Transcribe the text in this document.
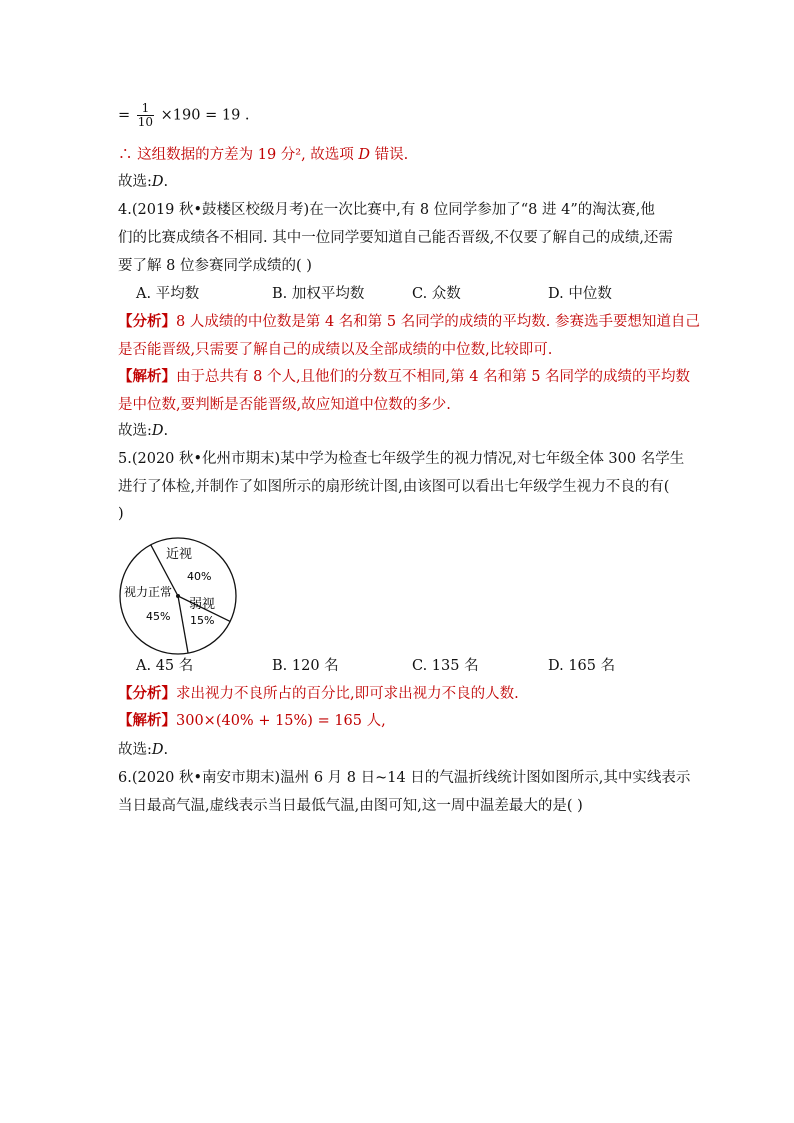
= $\frac{1}{10} \times 190 = 19$ .
∴ 这组数据的方差为 19 分², 故选项 D 错误.
故选:D.
4.(2019 秋•鼓楼区校级月考)在一次比赛中,有 8 位同学参加了“8 进 4”的淘汰赛,他
们的比赛成绩各不相同. 其中一位同学要知道自己能否晋级,不仅要了解自己的成绩,还需
要了解 8 位参赛同学成绩的( )
A. 平均数	B. 加权平均数	C. 众数	D. 中位数
【分析】8 人成绩的中位数是第 4 名和第 5 名同学的成绩的平均数. 参赛选手要想知道自己
是否能晋级,只需要了解自己的成绩以及全部成绩的中位数,比较即可.
【解析】由于总共有 8 个人,且他们的分数互不相同,第 4 名和第 5 名同学的成绩的平均数
是中位数,要判断是否能晋级,故应知道中位数的多少.
故选:D.
5.(2020 秋•化州市期末)某中学为检查七年级学生的视力情况,对七年级全体 300 名学生
进行了体检,并制作了如图所示的扇形统计图,由该图可以看出七年级学生视力不良的有(
)
近视
40%
弱视
15%
视力正常
45%
A. 45 名	B. 120 名	C. 135 名	D. 165 名
【分析】求出视力不良所占的百分比,即可求出视力不良的人数.
【解析】300×(40% + 15%) = 165 人,
故选:D.
6.(2020 秋•南安市期末)温州 6 月 8 日~14 日的气温折线统计图如图所示,其中实线表示
当日最高气温,虚线表示当日最低气温,由图可知,这一周中温差最大的是( )
